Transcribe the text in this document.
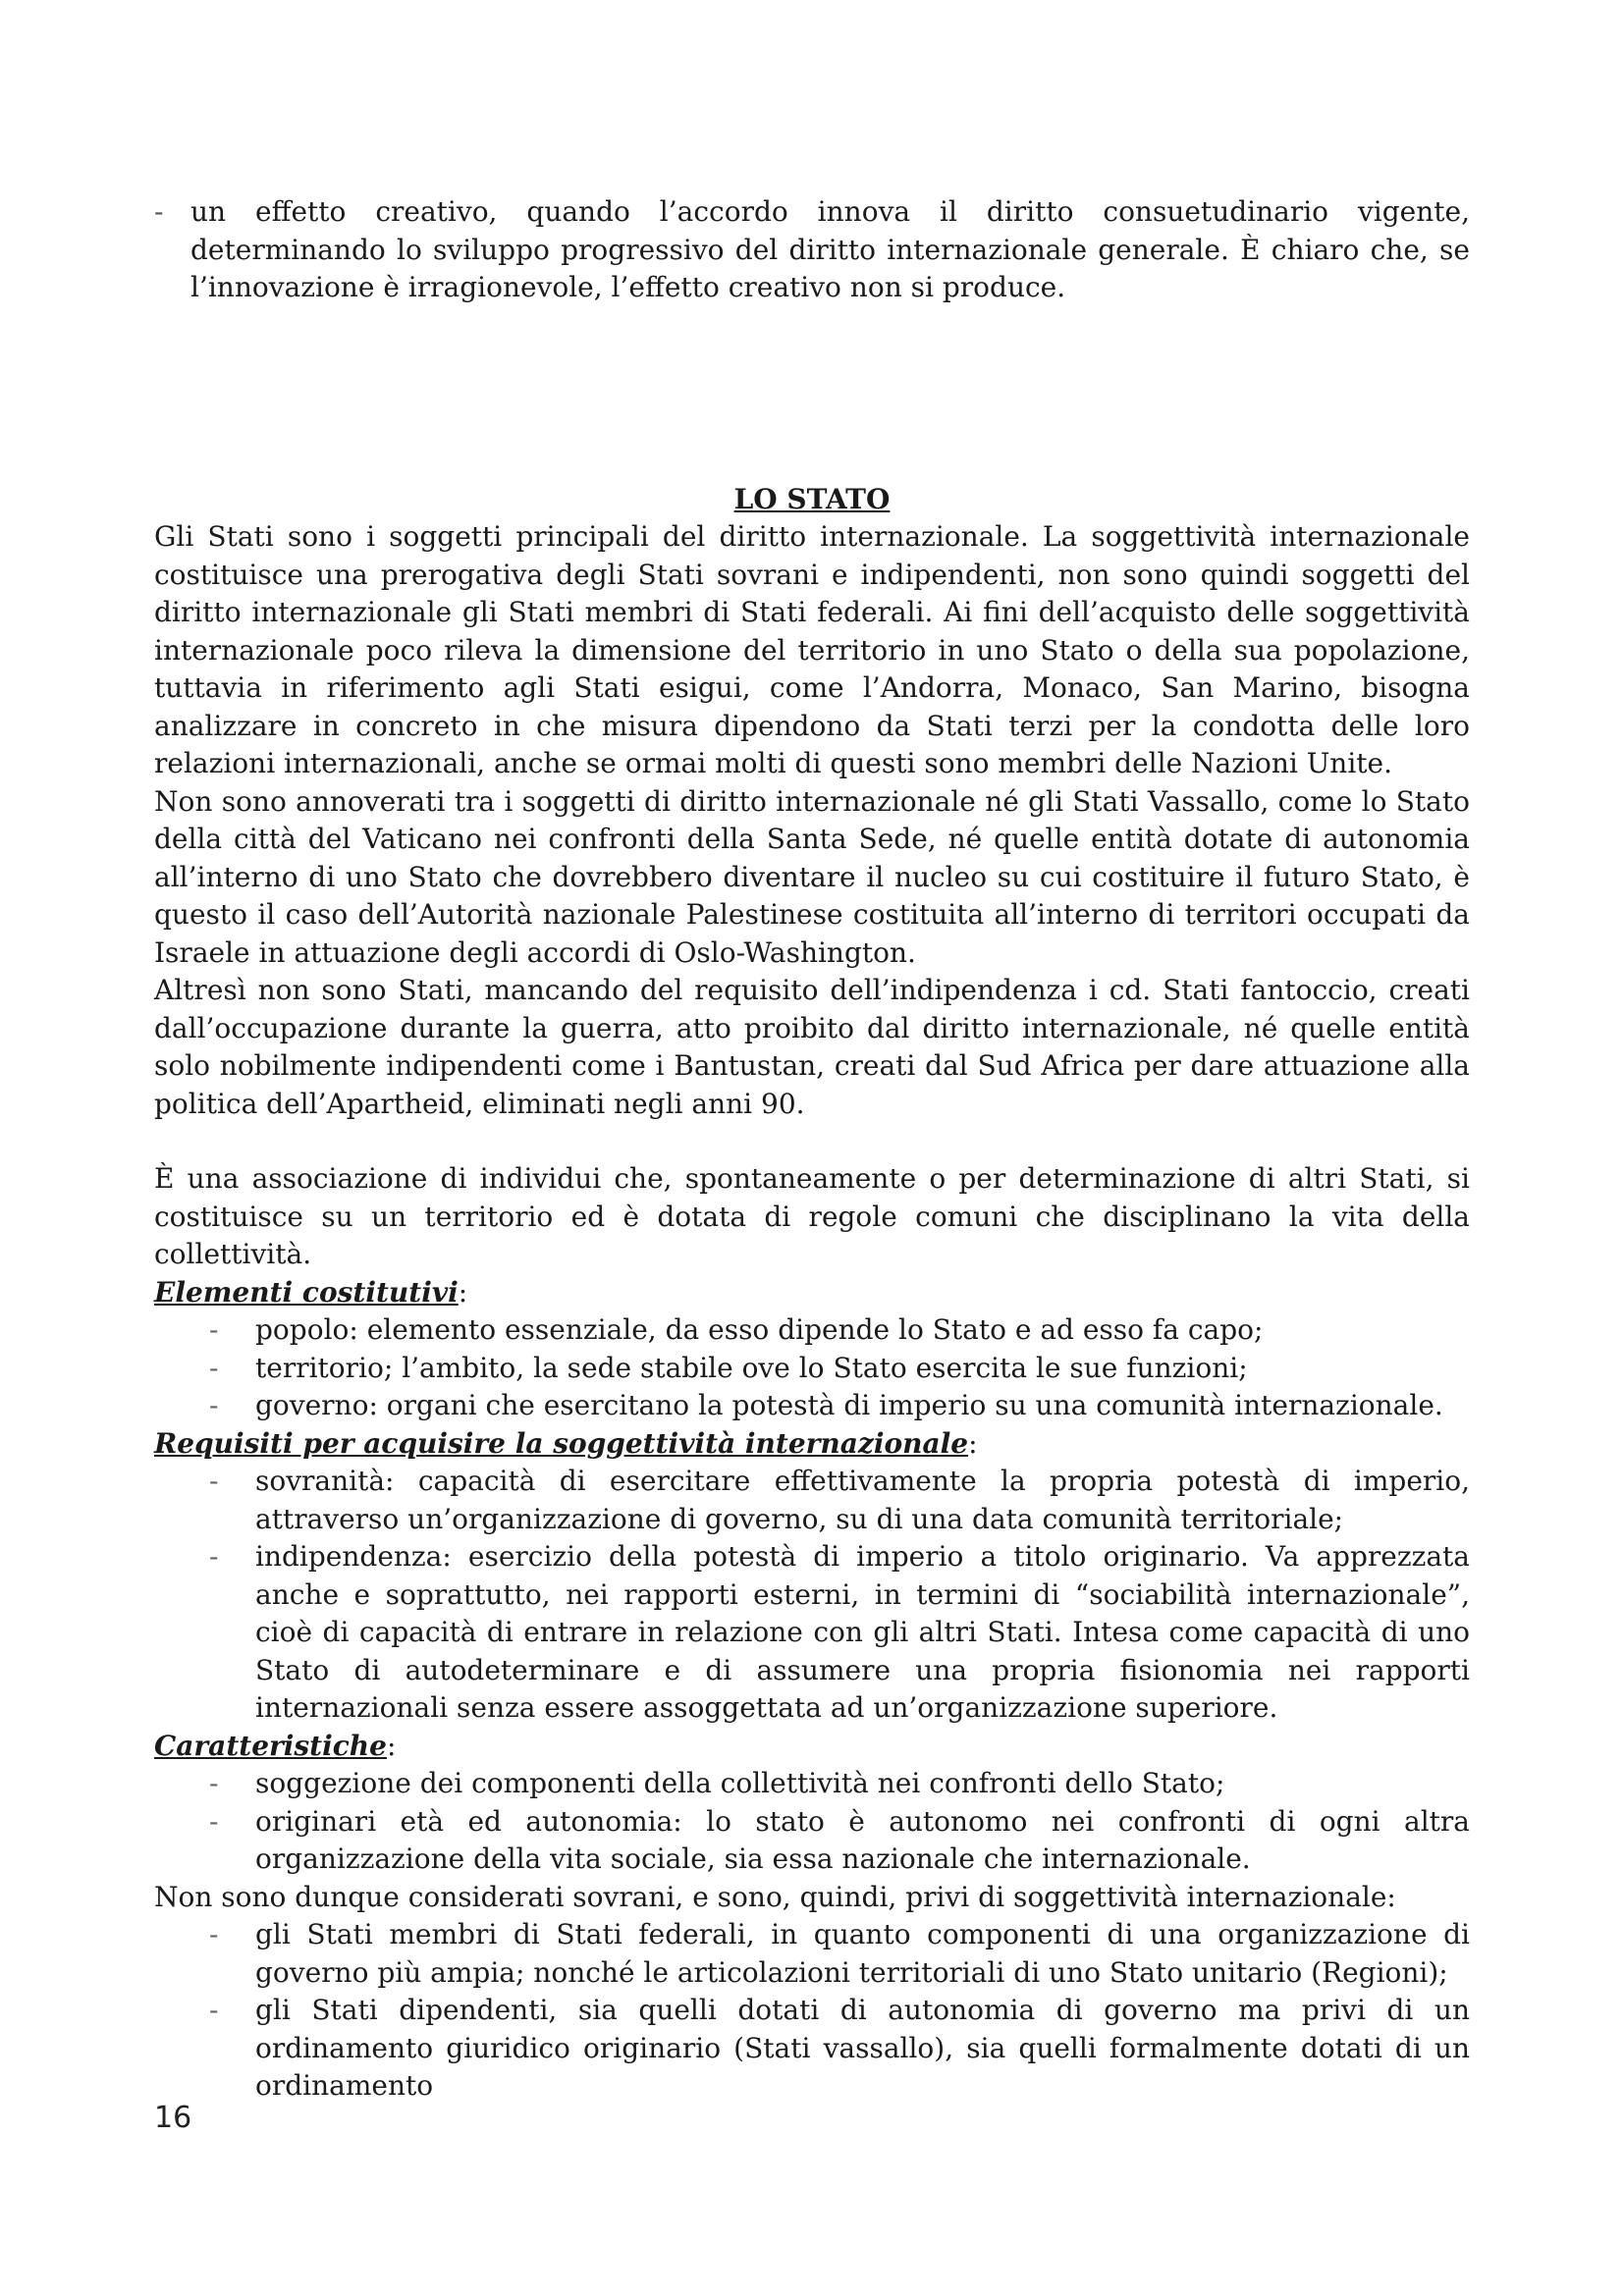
- un effetto creativo, quando l’accordo innova il diritto consuetudinario vigente, determinando lo sviluppo progressivo del diritto internazionale generale. È chiaro che, se l’innovazione è irragionevole, l’effetto creativo non si produce.

LO STATO

Gli Stati sono i soggetti principali del diritto internazionale. La soggettività internazionale costituisce una prerogativa degli Stati sovrani e indipendenti, non sono quindi soggetti del diritto internazionale gli Stati membri di Stati federali. Ai fini dell’acquisto delle soggettività internazionale poco rileva la dimensione del territorio in uno Stato o della sua popolazione, tuttavia in riferimento agli Stati esigui, come l’Andorra, Monaco, San Marino, bisogna analizzare in concreto in che misura dipendono da Stati terzi per la condotta delle loro relazioni internazionali, anche se ormai molti di questi sono membri delle Nazioni Unite.

Non sono annoverati tra i soggetti di diritto internazionale né gli Stati Vassallo, come lo Stato della città del Vaticano nei confronti della Santa Sede, né quelle entità dotate di autonomia all’interno di uno Stato che dovrebbero diventare il nucleo su cui costituire il futuro Stato, è questo il caso dell’Autorità nazionale Palestinese costituita all’interno di territori occupati da Israele in attuazione degli accordi di Oslo-Washington.

Altresì non sono Stati, mancando del requisito dell’indipendenza i cd. Stati fantoccio, creati dall’occupazione durante la guerra, atto proibito dal diritto internazionale, né quelle entità solo nobilmente indipendenti come i Bantustan, creati dal Sud Africa per dare attuazione alla politica dell’Apartheid, eliminati negli anni 90.

È una associazione di individui che, spontaneamente o per determinazione di altri Stati, si costituisce su un territorio ed è dotata di regole comuni che disciplinano la vita della collettività.

Elementi costitutivi:

- popolo: elemento essenziale, da esso dipende lo Stato e ad esso fa capo;
- territorio; l’ambito, la sede stabile ove lo Stato esercita le sue funzioni;
- governo: organi che esercitano la potestà di imperio su una comunità internazionale.

Requisiti per acquisire la soggettività internazionale:

- sovranità: capacità di esercitare effettivamente la propria potestà di imperio, attraverso un’organizzazione di governo, su di una data comunità territoriale;
- indipendenza: esercizio della potestà di imperio a titolo originario. Va apprezzata anche e soprattutto, nei rapporti esterni, in termini di “sociabilità internazionale”, cioè di capacità di entrare in relazione con gli altri Stati. Intesa come capacità di uno Stato di autodeterminare e di assumere una propria fisionomia nei rapporti internazionali senza essere assoggettata ad un’organizzazione superiore.

Caratteristiche:

- soggezione dei componenti della collettività nei confronti dello Stato;
- originari età ed autonomia: lo stato è autonomo nei confronti di ogni altra organizzazione della vita sociale, sia essa nazionale che internazionale.

Non sono dunque considerati sovrani, e sono, quindi, privi di soggettività internazionale:

- gli Stati membri di Stati federali, in quanto componenti di una organizzazione di governo più ampia; nonché le articolazioni territoriali di uno Stato unitario (Regioni);
- gli Stati dipendenti, sia quelli dotati di autonomia di governo ma privi di un ordinamento giuridico originario (Stati vassallo), sia quelli formalmente dotati di un ordinamento
16
